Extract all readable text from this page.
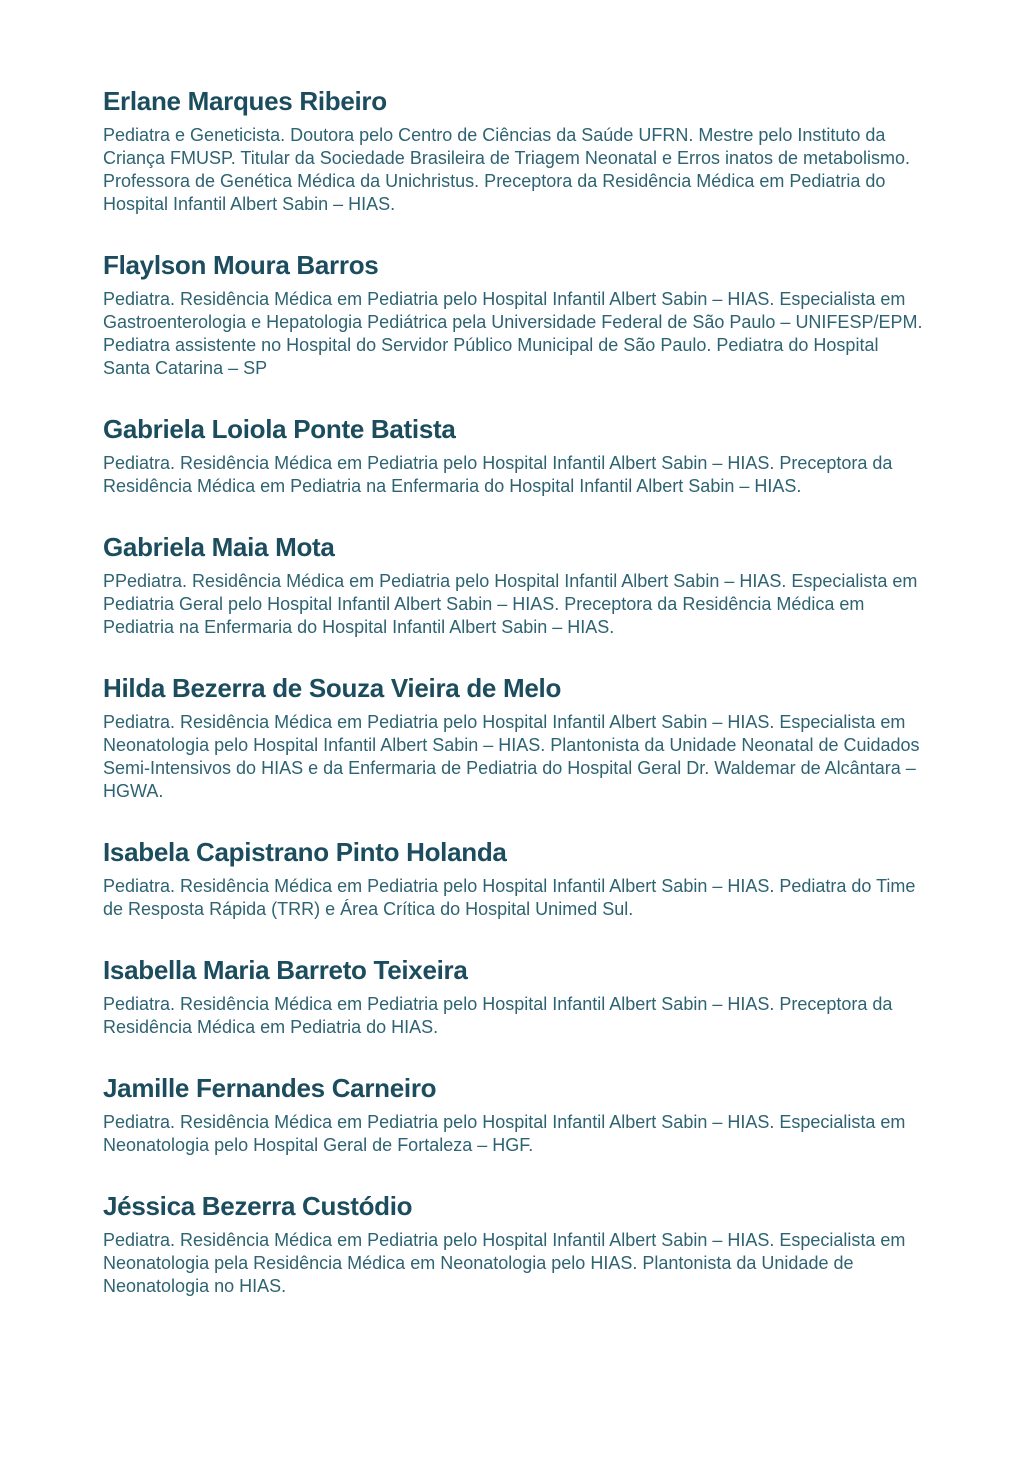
Erlane Marques Ribeiro

Pediatra e Geneticista. Doutora pelo Centro de Ciências da Saúde UFRN. Mestre pelo Instituto da Criança FMUSP. Titular da Sociedade Brasileira de Triagem Neonatal e Erros inatos de metabolismo. Professora de Genética Médica da Unichristus. Preceptora da Residência Médica em Pediatria do Hospital Infantil Albert Sabin – HIAS.

Flaylson Moura Barros

Pediatra. Residência Médica em Pediatria pelo Hospital Infantil Albert Sabin – HIAS. Especialista em Gastroenterologia e Hepatologia Pediátrica pela Universidade Federal de São Paulo – UNIFESP/EPM. Pediatra assistente no Hospital do Servidor Público Municipal de São Paulo. Pediatra do Hospital Santa Catarina – SP

Gabriela Loiola Ponte Batista

Pediatra. Residência Médica em Pediatria pelo Hospital Infantil Albert Sabin – HIAS. Preceptora da Residência Médica em Pediatria na Enfermaria do Hospital Infantil Albert Sabin – HIAS.

Gabriela Maia Mota

PPediatra. Residência Médica em Pediatria pelo Hospital Infantil Albert Sabin – HIAS. Especialista em Pediatria Geral pelo Hospital Infantil Albert Sabin – HIAS. Preceptora da Residência Médica em Pediatria na Enfermaria do Hospital Infantil Albert Sabin – HIAS.

Hilda Bezerra de Souza Vieira de Melo

Pediatra. Residência Médica em Pediatria pelo Hospital Infantil Albert Sabin – HIAS. Especialista em Neonatologia pelo Hospital Infantil Albert Sabin – HIAS. Plantonista da Unidade Neonatal de Cuidados Semi-Intensivos do HIAS e da Enfermaria de Pediatria do Hospital Geral Dr. Waldemar de Alcântara – HGWA.

Isabela Capistrano Pinto Holanda

Pediatra. Residência Médica em Pediatria pelo Hospital Infantil Albert Sabin – HIAS. Pediatra do Time de Resposta Rápida (TRR) e Área Crítica do Hospital Unimed Sul.

Isabella Maria Barreto Teixeira

Pediatra. Residência Médica em Pediatria pelo Hospital Infantil Albert Sabin – HIAS. Preceptora da Residência Médica em Pediatria do HIAS.

Jamille Fernandes Carneiro

Pediatra. Residência Médica em Pediatria pelo Hospital Infantil Albert Sabin – HIAS. Especialista em Neonatologia pelo Hospital Geral de Fortaleza – HGF.

Jéssica Bezerra Custódio

Pediatra. Residência Médica em Pediatria pelo Hospital Infantil Albert Sabin – HIAS. Especialista em Neonatologia pela Residência Médica em Neonatologia pelo HIAS. Plantonista da Unidade de Neonatologia no HIAS.
